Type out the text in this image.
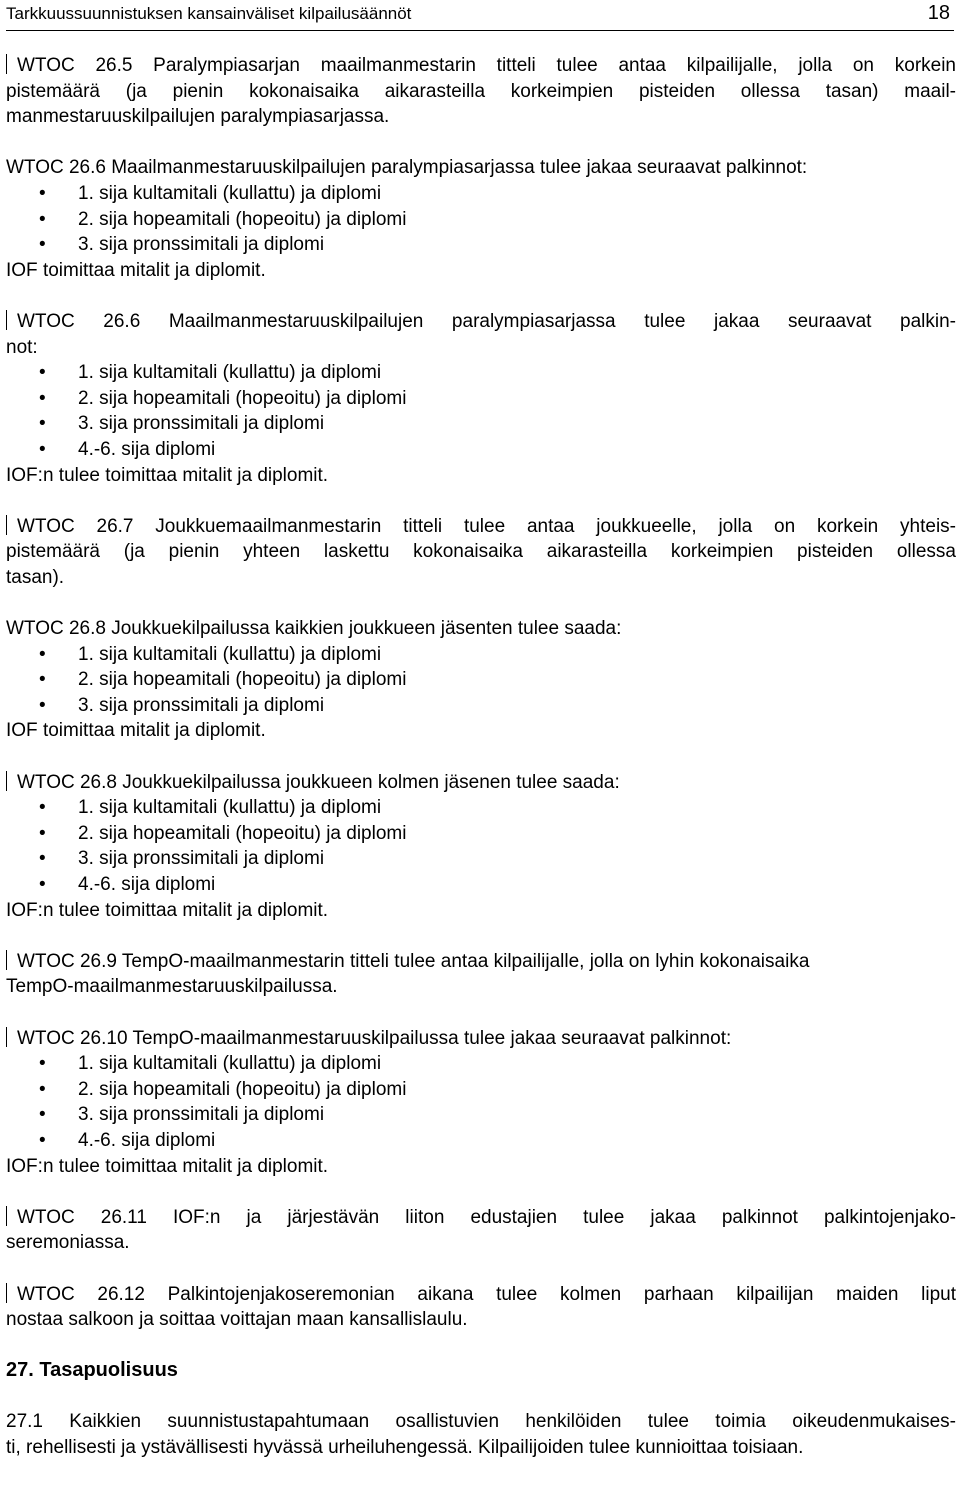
Tarkkuussuunnistuksen kansainväliset kilpailusäännöt	18
WTOC 26.5 Paralympiasarjan maailmanmestarin titteli tulee antaa kilpailijalle, jolla on korkein
pistemäärä (ja pienin kokonaisaika aikarasteilla korkeimpien pisteiden ollessa tasan) maail-
manmestaruuskilpailujen paralympiasarjassa.
WTOC 26.6 Maailmanmestaruuskilpailujen paralympiasarjassa tulee jakaa seuraavat palkinnot:
• 1. sija kultamitali (kullattu) ja diplomi
• 2. sija hopeamitali (hopeoitu) ja diplomi
• 3. sija pronssimitali ja diplomi
IOF toimittaa mitalit ja diplomit.
WTOC 26.6 Maailmanmestaruuskilpailujen paralympiasarjassa tulee jakaa seuraavat palkin-
not:
• 1. sija kultamitali (kullattu) ja diplomi
• 2. sija hopeamitali (hopeoitu) ja diplomi
• 3. sija pronssimitali ja diplomi
• 4.-6. sija diplomi
IOF:n tulee toimittaa mitalit ja diplomit.
WTOC 26.7 Joukkuemaailmanmestarin titteli tulee antaa joukkueelle, jolla on korkein yhteis-
pistemäärä (ja pienin yhteen laskettu kokonaisaika aikarasteilla korkeimpien pisteiden ollessa
tasan).
WTOC 26.8 Joukkuekilpailussa kaikkien joukkueen jäsenten tulee saada:
• 1. sija kultamitali (kullattu) ja diplomi
• 2. sija hopeamitali (hopeoitu) ja diplomi
• 3. sija pronssimitali ja diplomi
IOF toimittaa mitalit ja diplomit.
WTOC 26.8 Joukkuekilpailussa joukkueen kolmen jäsenen tulee saada:
• 1. sija kultamitali (kullattu) ja diplomi
• 2. sija hopeamitali (hopeoitu) ja diplomi
• 3. sija pronssimitali ja diplomi
• 4.-6. sija diplomi
IOF:n tulee toimittaa mitalit ja diplomit.
WTOC 26.9 TempO-maailmanmestarin titteli tulee antaa kilpailijalle, jolla on lyhin kokonaisaika
TempO-maailmanmestaruuskilpailussa.
WTOC 26.10 TempO-maailmanmestaruuskilpailussa tulee jakaa seuraavat palkinnot:
• 1. sija kultamitali (kullattu) ja diplomi
• 2. sija hopeamitali (hopeoitu) ja diplomi
• 3. sija pronssimitali ja diplomi
• 4.-6. sija diplomi
IOF:n tulee toimittaa mitalit ja diplomit.
WTOC 26.11 IOF:n ja järjestävän liiton edustajien tulee jakaa palkinnot palkintojenjako-
seremoniassa.
WTOC 26.12 Palkintojenjakoseremonian aikana tulee kolmen parhaan kilpailijan maiden liput
nostaa salkoon ja soittaa voittajan maan kansallislaulu.
27. Tasapuolisuus
27.1 Kaikkien suunnistustapahtumaan osallistuvien henkilöiden tulee toimia oikeudenmukaises-
ti, rehellisesti ja ystävällisesti hyvässä urheiluhengessä. Kilpailijoiden tulee kunnioittaa toisiaan.
